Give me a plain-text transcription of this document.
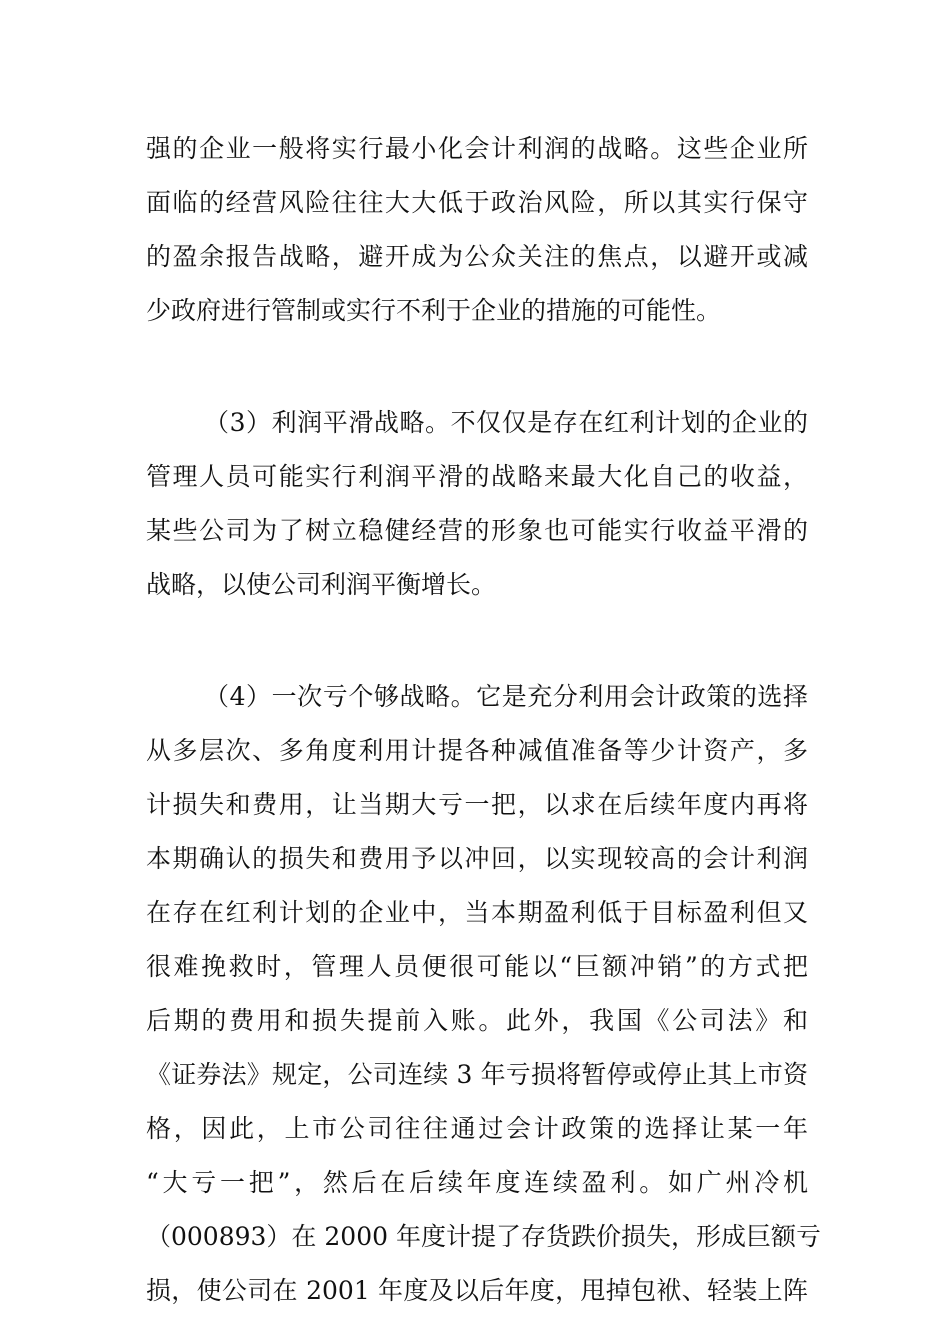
强的企业一般将实行最小化会计利润的战略。这些企业所
面临的经营风险往往大大低于政治风险，所以其实行保守
的盈余报告战略，避开成为公众关注的焦点，以避开或减
少政府进行管制或实行不利于企业的措施的可能性。
（3）利润平滑战略。不仅仅是存在红利计划的企业的
管理人员可能实行利润平滑的战略来最大化自己的收益，
某些公司为了树立稳健经营的形象也可能实行收益平滑的
战略，以使公司利润平衡增长。
（4）一次亏个够战略。它是充分利用会计政策的选择
从多层次、多角度利用计提各种减值准备等少计资产，多
计损失和费用，让当期大亏一把，以求在后续年度内再将
本期确认的损失和费用予以冲回，以实现较高的会计利润
在存在红利计划的企业中，当本期盈利低于目标盈利但又
很难挽救时，管理人员便很可能以“巨额冲销”的方式把
后期的费用和损失提前入账。此外，我国《公司法》和
《证券法》规定，公司连续 3 年亏损将暂停或停止其上市资
格，因此，上市公司往往通过会计政策的选择让某一年
“大亏一把”，然后在后续年度连续盈利。如广州冷机
（000893）在 2000 年度计提了存货跌价损失，形成巨额亏
损，使公司在 2001 年度及以后年度，甩掉包袱、轻装上阵
